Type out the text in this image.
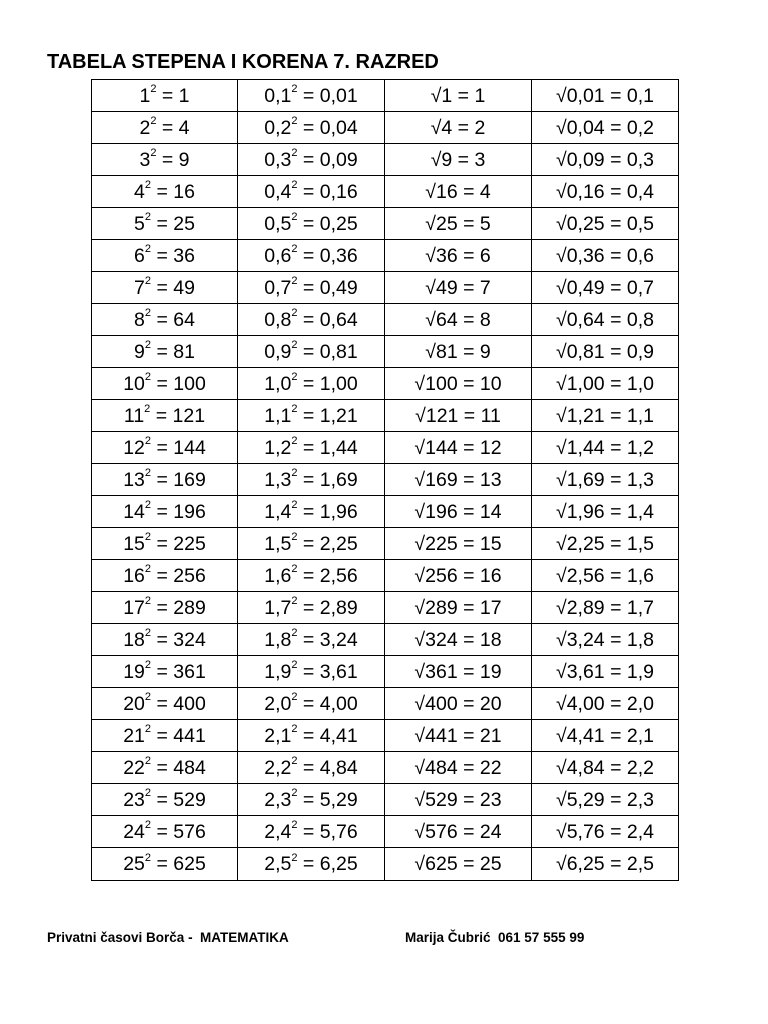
TABELA STEPENA I KORENA 7. RAZRED
$1^2 = 1$	$0,1^2 = 0,01$	√1 = 1	√0,01 = 0,1
$2^2 = 4$	$0,2^2 = 0,04$	√4 = 2	√0,04 = 0,2
$3^2 = 9$	$0,3^2 = 0,09$	√9 = 3	√0,09 = 0,3
$4^2 = 16$	$0,4^2 = 0,16$	√16 = 4	√0,16 = 0,4
$5^2 = 25$	$0,5^2 = 0,25$	√25 = 5	√0,25 = 0,5
$6^2 = 36$	$0,6^2 = 0,36$	√36 = 6	√0,36 = 0,6
$7^2 = 49$	$0,7^2 = 0,49$	√49 = 7	√0,49 = 0,7
$8^2 = 64$	$0,8^2 = 0,64$	√64 = 8	√0,64 = 0,8
$9^2 = 81$	$0,9^2 = 0,81$	√81 = 9	√0,81 = 0,9
$10^2 = 100$	$1,0^2 = 1,00$	√100 = 10	√1,00 = 1,0
$11^2 = 121$	$1,1^2 = 1,21$	√121 = 11	√1,21 = 1,1
$12^2 = 144$	$1,2^2 = 1,44$	√144 = 12	√1,44 = 1,2
$13^2 = 169$	$1,3^2 = 1,69$	√169 = 13	√1,69 = 1,3
$14^2 = 196$	$1,4^2 = 1,96$	√196 = 14	√1,96 = 1,4
$15^2 = 225$	$1,5^2 = 2,25$	√225 = 15	√2,25 = 1,5
$16^2 = 256$	$1,6^2 = 2,56$	√256 = 16	√2,56 = 1,6
$17^2 = 289$	$1,7^2 = 2,89$	√289 = 17	√2,89 = 1,7
$18^2 = 324$	$1,8^2 = 3,24$	√324 = 18	√3,24 = 1,8
$19^2 = 361$	$1,9^2 = 3,61$	√361 = 19	√3,61 = 1,9
$20^2 = 400$	$2,0^2 = 4,00$	√400 = 20	√4,00 = 2,0
$21^2 = 441$	$2,1^2 = 4,41$	√441 = 21	√4,41 = 2,1
$22^2 = 484$	$2,2^2 = 4,84$	√484 = 22	√4,84 = 2,2
$23^2 = 529$	$2,3^2 = 5,29$	√529 = 23	√5,29 = 2,3
$24^2 = 576$	$2,4^2 = 5,76$	√576 = 24	√5,76 = 2,4
$25^2 = 625$	$2,5^2 = 6,25$	√625 = 25	√6,25 = 2,5
Privatni časovi Borča -  MATEMATIKA	Marija Čubrić  061 57 555 99
